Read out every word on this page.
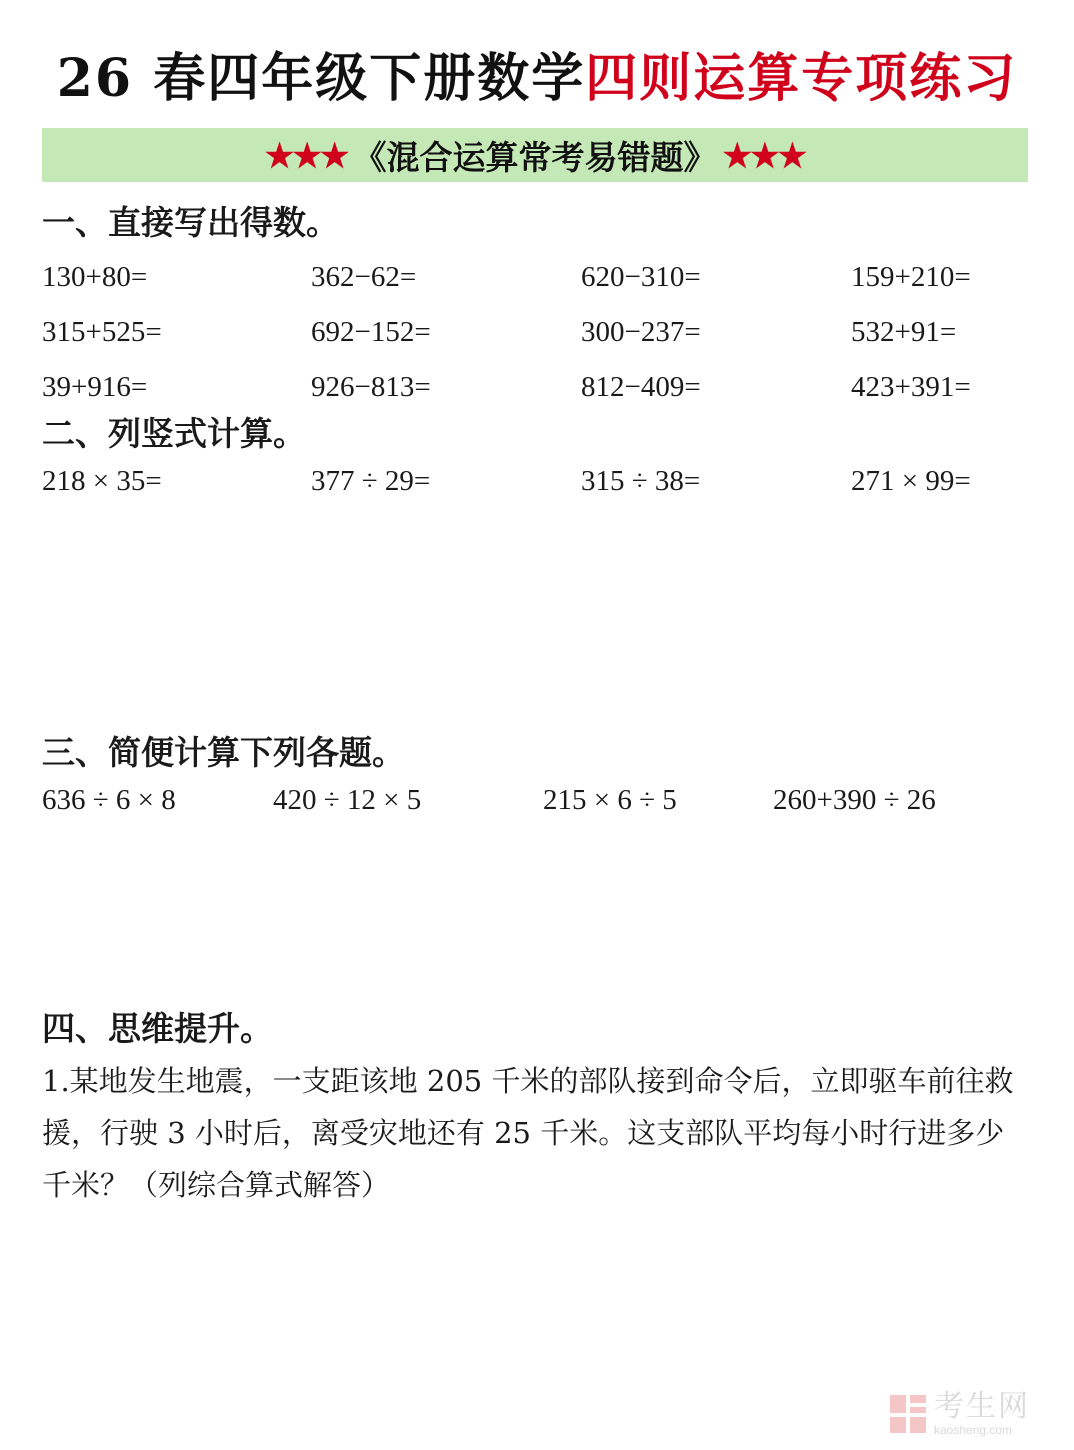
26 春四年级下册数学四则运算专项练习
★★★ 《混合运算常考易错题》 ★★★
一、直接写出得数。
130+80=	362−62=	620−310=	159+210=
315+525=	692−152=	300−237=	532+91=
39+916=	926−813=	812−409=	423+391=
二、列竖式计算。
218 × 35=	377 ÷ 29=	315 ÷ 38=	271 × 99=
三、简便计算下列各题。
636 ÷ 6 × 8	420 ÷ 12 × 5	215 × 6 ÷ 5	260+390 ÷ 26
四、思维提升。
1.某地发生地震，一支距该地 205 千米的部队接到命令后，立即驱车前往救援，行驶 3 小时后，离受灾地还有 25 千米。这支部队平均每小时行进多少千米？（列综合算式解答）
考生网
kaosheng.com
